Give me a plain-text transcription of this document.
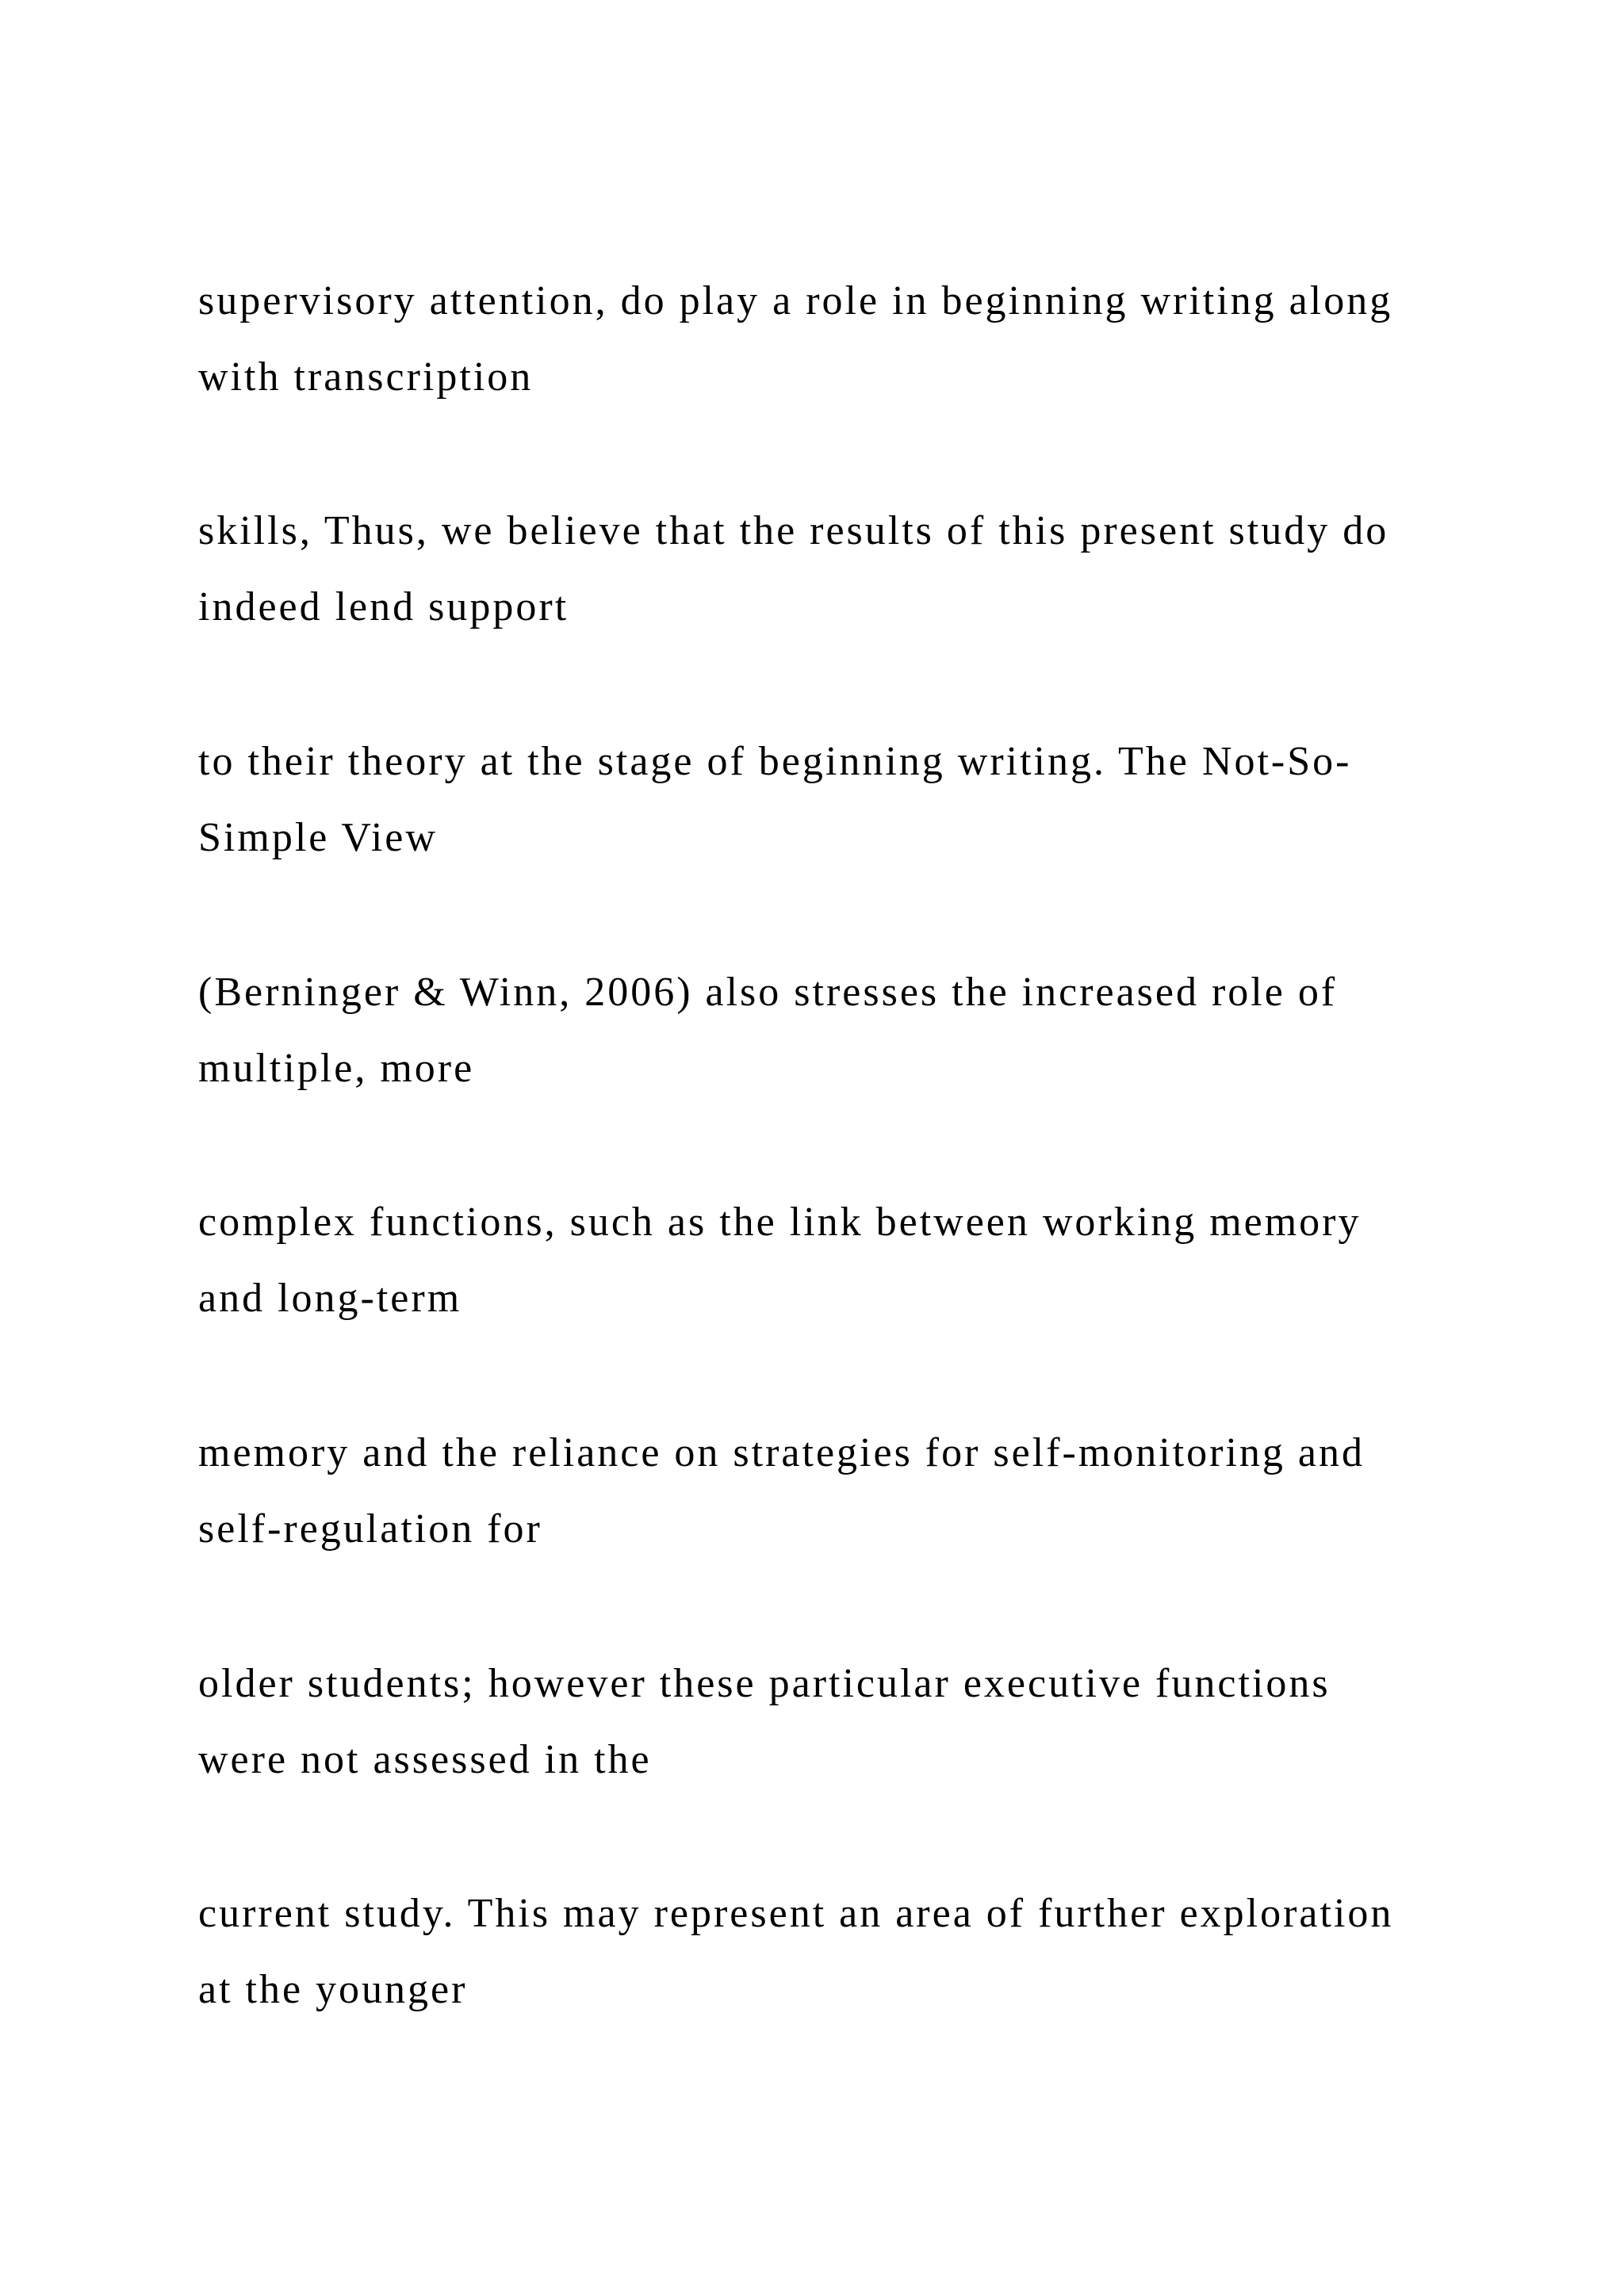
supervisory attention, do play a role in beginning writing along
with transcription

skills, Thus, we believe that the results of this present study do
indeed lend support

to their theory at the stage of beginning writing. The Not-So-
Simple View

(Berninger & Winn, 2006) also stresses the increased role of
multiple, more

complex functions, such as the link between working memory
and long-term

memory and the reliance on strategies for self-monitoring and
self-regulation for

older students; however these particular executive functions
were not assessed in the

current study. This may represent an area of further exploration
at the younger
